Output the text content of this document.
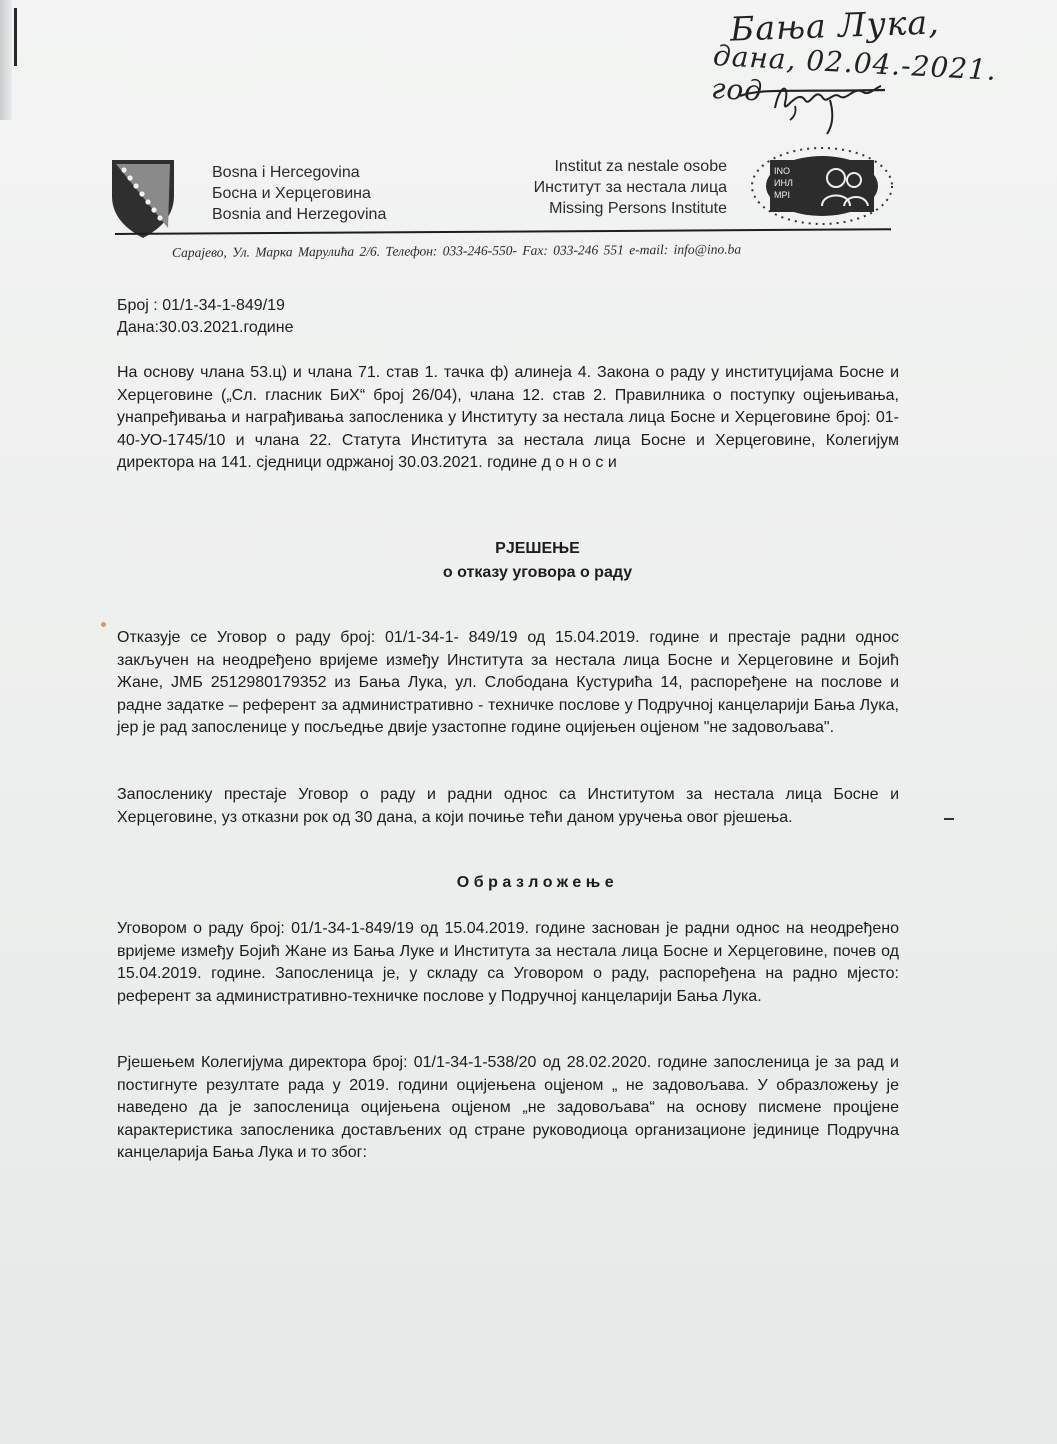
Бања Лука,
дана, 02.04.-2021. год
Bosna i Hercegovina
Босна и Херцеговина
Bosnia and Herzegovina
Institut za nestale osobe
Институт за нестала лица
Missing Persons Institute
INO
ИНЛ
MPI
Сарајево, Ул. Марка Марулића 2/6. Телефон: 033-246-550- Fax: 033-246 551 e-mail: info@ino.ba
Број : 01/1-34-1-849/19
Дана:30.03.2021.године
На основу члана 53.ц) и члана 71. став 1. тачка ф) алинеја 4. Закона о раду у институцијама Босне и Херцеговине („Сл. гласник БиХ“ број 26/04), члана 12. став 2. Правилника о поступку оцјењивања, унапређивања и награђивања запосленика у Институту за нестала лица Босне и Херцеговине број: 01-40-УО-1745/10 и члана 22. Статута Института за нестала лица Босне и Херцеговине, Колегијум директора на 141. сједници одржаној 30.03.2021. године д о н о с и
РЈЕШЕЊЕ
о отказу уговора о раду
Отказује се Уговор о раду број: 01/1-34-1- 849/19 од 15.04.2019. године и престаје радни однос закључен на неодређено вријеме између Института за нестала лица Босне и Херцеговине и Бојић Жане, ЈМБ 2512980179352 из Бања Лука, ул. Слободана Кустурића 14, распоређене на послове и радне задатке – референт за административно - техничке послове у Подручној канцеларији Бања Лука, јер је рад запосленице у посљедње двије узастопне године оцијењен оцјеном "не задовољава".
Запосленику престаје Уговор о раду и радни однос са Институтом за нестала лица Босне и Херцеговине, уз отказни рок од 30 дана, а који почиње тећи даном уручења овог рјешења.
Образложење
Уговором о раду број: 01/1-34-1-849/19 од 15.04.2019. године заснован је радни однос на неодређено вријеме између Бојић Жане из Бања Луке и Института за нестала лица Босне и Херцеговине, почев од 15.04.2019. године. Запосленица је, у складу са Уговором о раду, распоређена на радно мјесто: референт за административно-техничке послове у Подручној канцеларији Бања Лука.
Рјешењем Колегијума директора број: 01/1-34-1-538/20 од 28.02.2020. године запосленица је за рад и постигнуте резултате рада у 2019. години оцијењена оцјеном „ не задовољава. У образложењу је наведено да је запосленица оцијењена оцјеном „не задовољава“ на основу писмене процјене карактеристика запосленика достављених од стране руководиоца организационе јединице Подручна канцеларија Бања Лука и то због:
